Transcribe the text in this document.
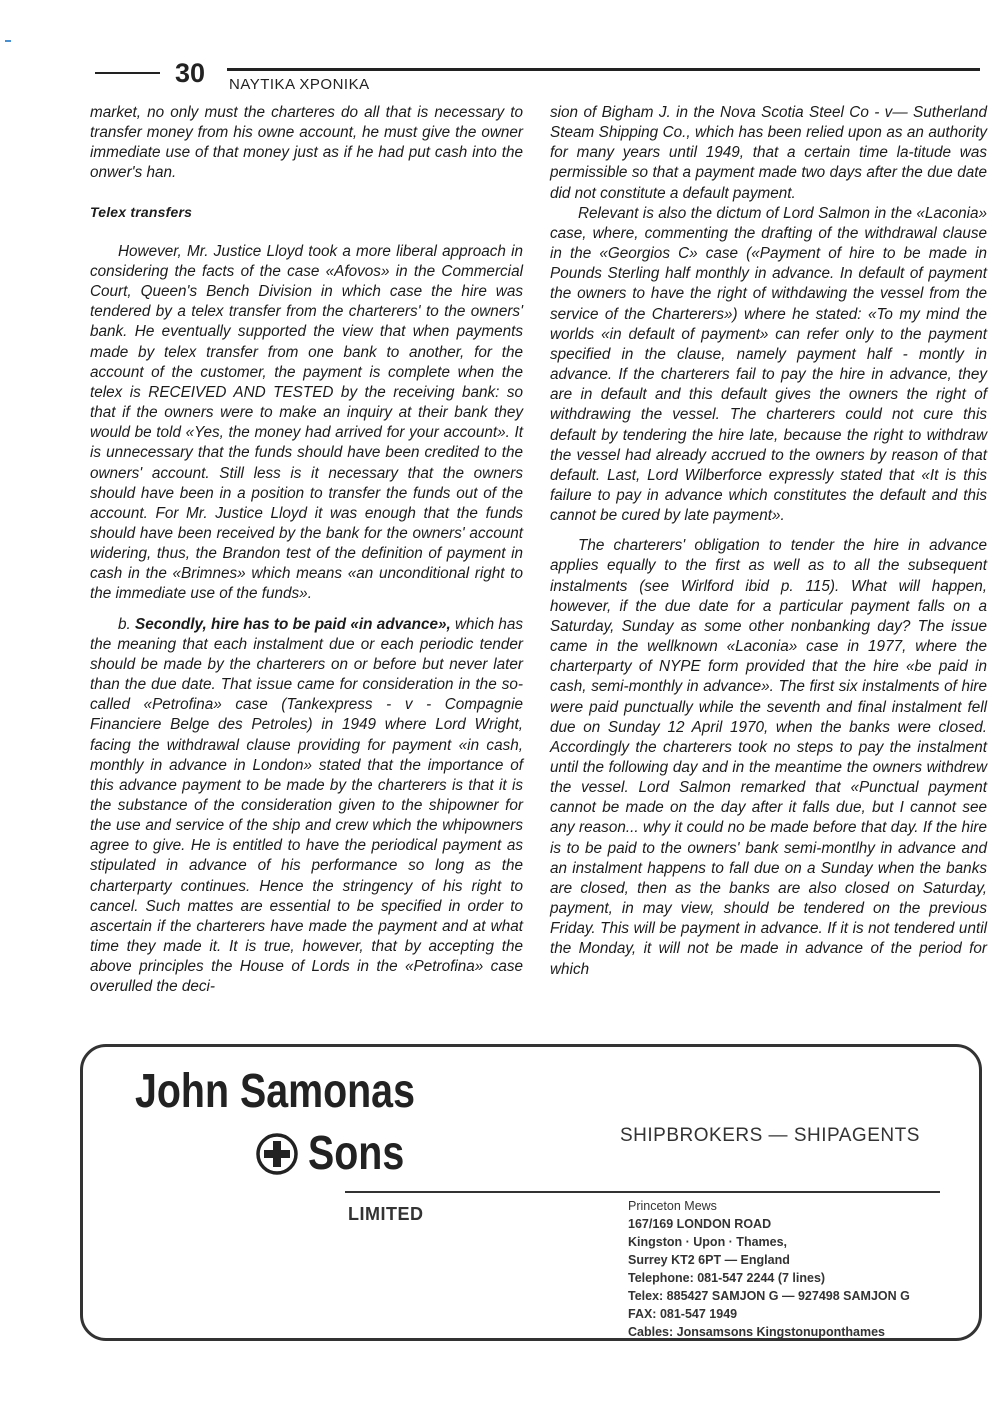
30 ΝΑΥΤΙΚΑ ΧΡΟΝΙΚΑ

market, no only must the charteres do all that is necessary to transfer money from his owne account, he must give the owner immediate use of that money just as if he had put cash into the onwer's han.

Telex transfers

However, Mr. Justice Lloyd took a more liberal approach in considering the facts of the case «Afovos» in the Commercial Court, Queen's Bench Division in which case the hire was tendered by a telex transfer from the charterers' to the owners' bank. He eventually supported the view that when payments made by telex transfer from one bank to another, for the account of the customer, the payment is complete when the telex is RECEIVED AND TESTED by the receiving bank: so that if the owners were to make an inquiry at their bank they would be told «Yes, the money had arrived for your account». It is unnecessary that the funds should have been credited to the owners' account. Still less is it necessary that the owners should have been in a position to transfer the funds out of the account. For Mr. Justice Lloyd it was enough that the funds should have been received by the bank for the owners' account widering, thus, the Brandon test of the definition of payment in cash in the «Brimnes» which means «an unconditional right to the immediate use of the funds».

b. Secondly, hire has to be paid «in advance», which has the meaning that each instalment due or each periodic tender should be made by the charterers on or before but never later than the due date. That issue came for consideration in the so-called «Petrofina» case (Tankexpress - v - Compagnie Financiere Belge des Petroles) in 1949 where Lord Wright, facing the withdrawal clause providing for payment «in cash, monthly in advance in London» stated that the importance of this advance payment to be made by the charterers is that it is the substance of the consideration given to the shipowner for the use and service of the ship and crew which the whipowners agree to give. He is entitled to have the periodical payment as stipulated in advance of his performance so long as the charterparty continues. Hence the stringency of his right to cancel. Such mattes are essential to be specified in order to ascertain if the charterers have made the payment and at what time they made it. It is true, however, that by accepting the above principles the House of Lords in the «Petrofina» case overulled the deci-

sion of Bigham J. in the Nova Scotia Steel Co - v— Sutherland Steam Shipping Co., which has been relied upon as an authority for many years until 1949, that a certain time la-titude was permissible so that a payment made two days after the due date did not constitute a default payment.

Relevant is also the dictum of Lord Salmon in the «Laconia» case, where, commenting the drafting of the withdrawal clause in the «Georgios C» case («Payment of hire to be made in Pounds Sterling half monthly in advance. In default of payment the owners to have the right of withdawing the vessel from the service of the Charterers») where he stated: «To my mind the worlds «in default of payment» can refer only to the payment specified in the clause, namely payment half - montly in advance. If the charterers fail to pay the hire in advance, they are in default and this default gives the owners the right of withdrawing the vessel. The charterers could not cure this default by tendering the hire late, because the right to withdraw the vessel had already accrued to the owners by reason of that default. Last, Lord Wilberforce expressly stated that «It is this failure to pay in advance which constitutes the default and this cannot be cured by late payment».

The charterers' obligation to tender the hire in advance applies equally to the first as well as to all the subsequent instalments (see Wirlford ibid p. 115). What will happen, however, if the due date for a particular payment falls on a Saturday, Sunday as some other nonbanking day? The issue came in the wellknown «Laconia» case in 1977, where the charterparty of NYPE form provided that the hire «be paid in cash, semi-monthly in advance». The first six instalments of hire were paid punctually while the seventh and final instalment fell due on Sunday 12 April 1970, when the banks were closed. Accordingly the charterers took no steps to pay the instalment until the following day and in the meantime the owners withdrew the vessel. Lord Salmon remarked that «Punctual payment cannot be made on the day after it falls due, but I cannot see any reason... why it could no be made before that day. If the hire is to be paid to the owners' bank semi-montlhy in advance and an instalment happens to fall due on a Sunday when the banks are closed, then as the banks are also closed on Saturday, payment, in may view, should be tendered on the previous Friday. This will be payment in advance. If it is not tendered until the Monday, it will not be made in advance of the period for which

John Samonas
Sons
LIMITED
SHIPBROKERS — SHIPAGENTS
Princeton Mews
167/169 LONDON ROAD
Kingston · Upon · Thames,
Surrey KT2 6PT — England
Telephone: 081-547 2244 (7 lines)
Telex: 885427 SAMJON G — 927498 SAMJON G
FAX: 081-547 1949
Cables: Jonsamsons Kingstonuponthames
